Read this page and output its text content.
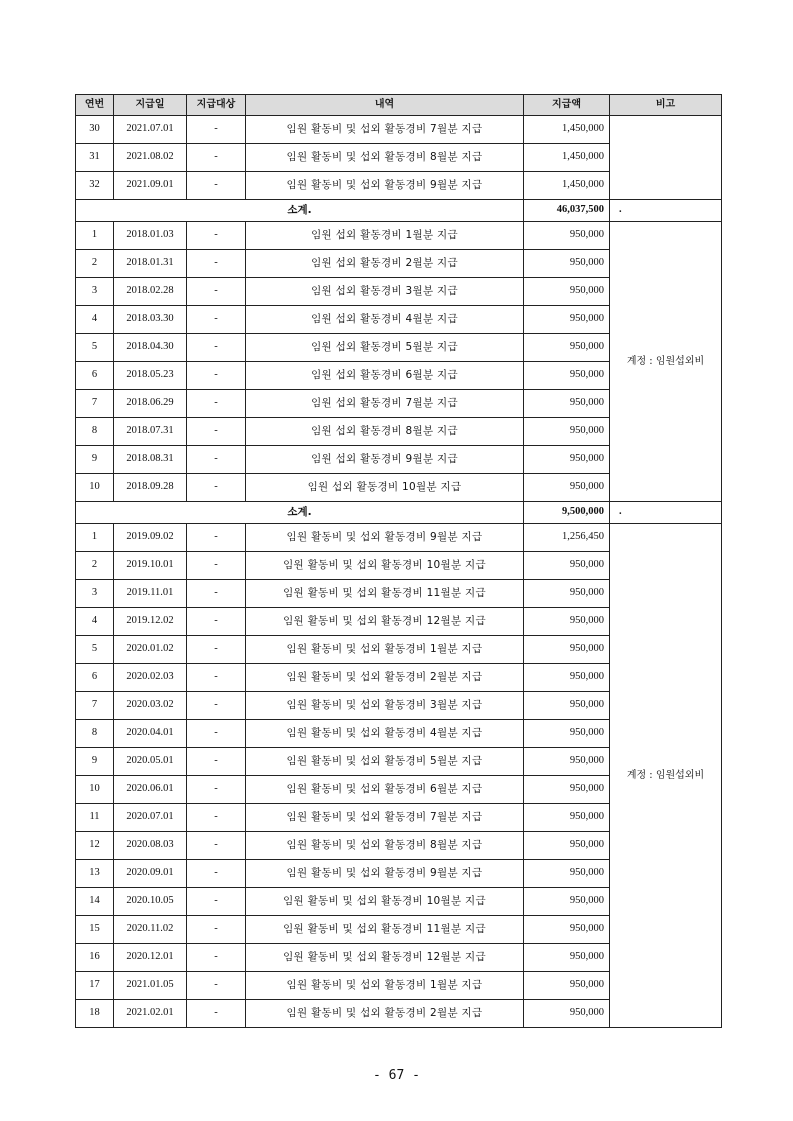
연번	지급일	지급대상	내역	지급액	비고
30	2021.07.01	-	임원 활동비 및 섭외 활동경비 7월분 지급	1,450,000	
31	2021.08.02	-	임원 활동비 및 섭외 활동경비 8월분 지급	1,450,000	
32	2021.09.01	-	임원 활동비 및 섭외 활동경비 9월분 지급	1,450,000	
소계.				46,037,500	.
1	2018.01.03	-	임원 섭외 활동경비 1월분 지급	950,000	계정 : 임원섭외비
2	2018.01.31	-	임원 섭외 활동경비 2월분 지급	950,000	
3	2018.02.28	-	임원 섭외 활동경비 3월분 지급	950,000	
4	2018.03.30	-	임원 섭외 활동경비 4월분 지급	950,000	
5	2018.04.30	-	임원 섭외 활동경비 5월분 지급	950,000	
6	2018.05.23	-	임원 섭외 활동경비 6월분 지급	950,000	
7	2018.06.29	-	임원 섭외 활동경비 7월분 지급	950,000	
8	2018.07.31	-	임원 섭외 활동경비 8월분 지급	950,000	
9	2018.08.31	-	임원 섭외 활동경비 9월분 지급	950,000	
10	2018.09.28	-	임원 섭외 활동경비 10월분 지급	950,000	
소계.				9,500,000	.
1	2019.09.02	-	임원 활동비 및 섭외 활동경비 9월분 지급	1,256,450	계정 : 임원섭외비
2	2019.10.01	-	임원 활동비 및 섭외 활동경비 10월분 지급	950,000	
3	2019.11.01	-	임원 활동비 및 섭외 활동경비 11월분 지급	950,000	
4	2019.12.02	-	임원 활동비 및 섭외 활동경비 12월분 지급	950,000	
5	2020.01.02	-	임원 활동비 및 섭외 활동경비 1월분 지급	950,000	
6	2020.02.03	-	임원 활동비 및 섭외 활동경비 2월분 지급	950,000	
7	2020.03.02	-	임원 활동비 및 섭외 활동경비 3월분 지급	950,000	
8	2020.04.01	-	임원 활동비 및 섭외 활동경비 4월분 지급	950,000	
9	2020.05.01	-	임원 활동비 및 섭외 활동경비 5월분 지급	950,000	
10	2020.06.01	-	임원 활동비 및 섭외 활동경비 6월분 지급	950,000	
11	2020.07.01	-	임원 활동비 및 섭외 활동경비 7월분 지급	950,000	
12	2020.08.03	-	임원 활동비 및 섭외 활동경비 8월분 지급	950,000	
13	2020.09.01	-	임원 활동비 및 섭외 활동경비 9월분 지급	950,000	
14	2020.10.05	-	임원 활동비 및 섭외 활동경비 10월분 지급	950,000	
15	2020.11.02	-	임원 활동비 및 섭외 활동경비 11월분 지급	950,000	
16	2020.12.01	-	임원 활동비 및 섭외 활동경비 12월분 지급	950,000	
17	2021.01.05	-	임원 활동비 및 섭외 활동경비 1월분 지급	950,000	
18	2021.02.01	-	임원 활동비 및 섭외 활동경비 2월분 지급	950,000	
- 67 -
